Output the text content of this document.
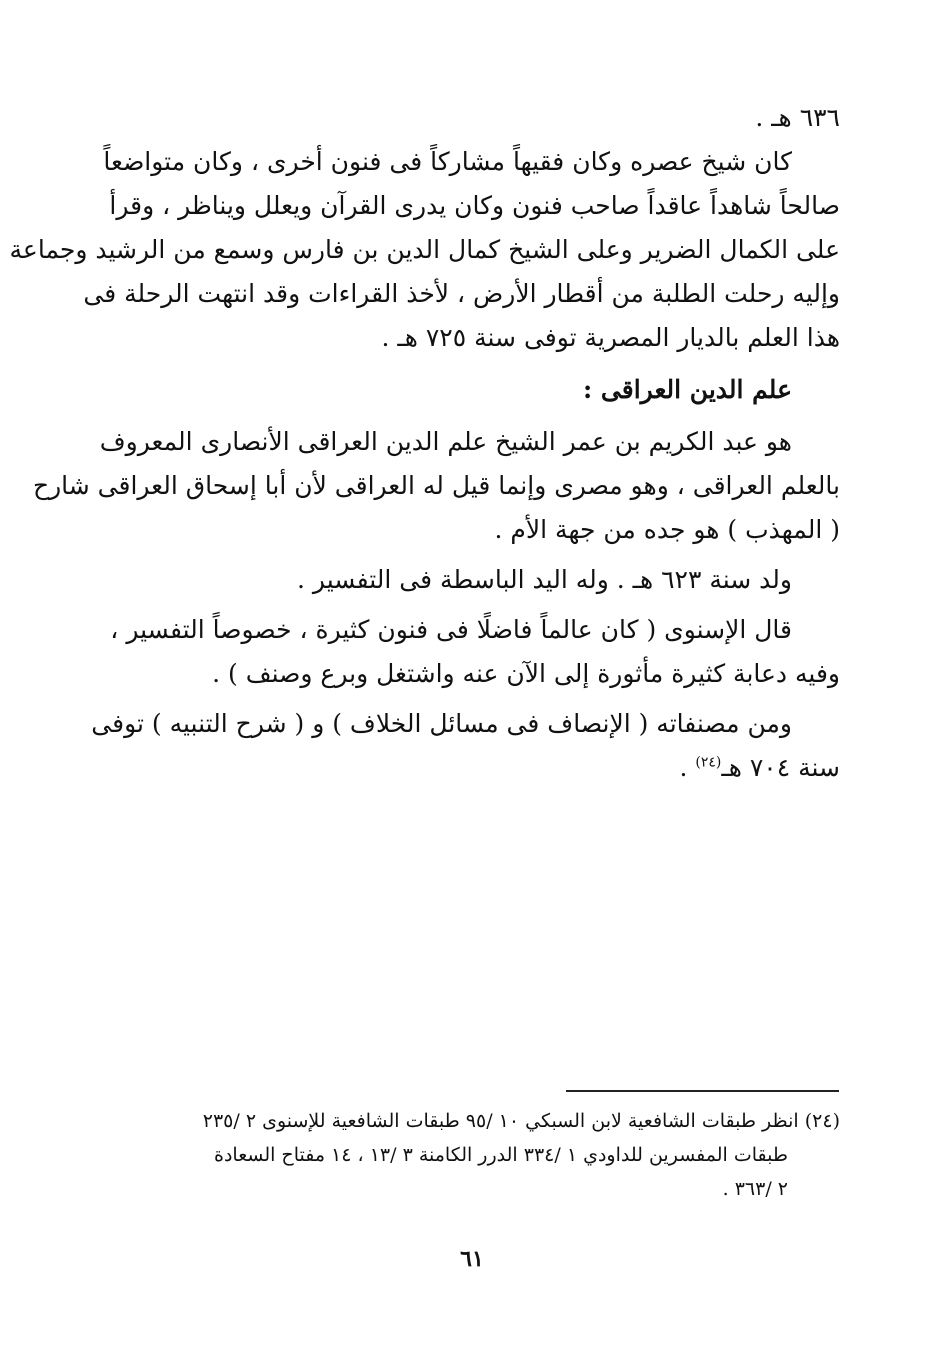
٦٣٦ هـ .

كان شيخ عصره وكان فقيهاً مشاركاً فى فنون أخرى ، وكان متواضعاً
صالحاً شاهداً عاقداً صاحب فنون وكان يدرى القرآن ويعلل ويناظر ، وقرأ
على الكمال الضرير وعلى الشيخ كمال الدين بن فارس وسمع من الرشيد وجماعة
وإليه رحلت الطلبة من أقطار الأرض ، لأخذ القراءات وقد انتهت الرحلة فى
هذا العلم بالديار المصرية توفى سنة ٧٢٥ هـ .

علم الدين العراقى :

هو عبد الكريم بن عمر الشيخ علم الدين العراقى الأنصارى المعروف
بالعلم العراقى ، وهو مصرى وإنما قيل له العراقى لأن أبا إسحاق العراقى شارح
( المهذب ) هو جده من جهة الأم .

ولد سنة ٦٢٣ هـ . وله اليد الباسطة فى التفسير .

قال الإسنوى ( كان عالماً فاضلًا فى فنون كثيرة ، خصوصاً التفسير ،
وفيه دعابة كثيرة مأثورة إلى الآن عنه واشتغل وبرع وصنف ) .

ومن مصنفاته ( الإنصاف فى مسائل الخلاف ) و ( شرح التنبيه ) توفى
سنة ٧٠٤ هـ$^{(٢٤)}$ .

(٢٤) انظر طبقات الشافعية لابن السبكي ١٠ /٩٥ طبقات الشافعية للإسنوى ٢ /٢٣٥
طبقات المفسرين للداودي ١ /٣٣٤ الدرر الكامنة ٣ /١٣ ، ١٤ مفتاح السعادة
٢ /٣٦٣ .
٦١
